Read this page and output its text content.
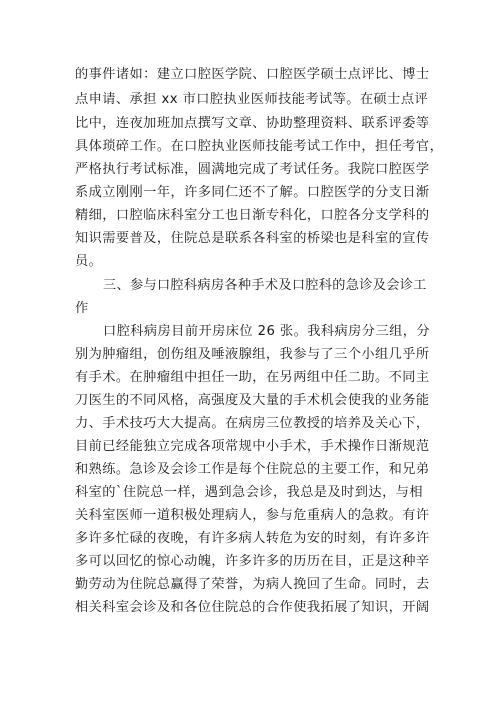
的事件诸如：建立口腔医学院、口腔医学硕士点评比、博士
点申请、承担 xx 市口腔执业医师技能考试等。在硕士点评
比中，连夜加班加点撰写文章、协助整理资料、联系评委等
具体琐碎工作。在口腔执业医师技能考试工作中，担任考官，
严格执行考试标准，圆满地完成了考试任务。我院口腔医学
系成立刚刚一年，许多同仁还不了解。口腔医学的分支日渐
精细，口腔临床科室分工也日渐专科化，口腔各分支学科的
知识需要普及，住院总是联系各科室的桥梁也是科室的宣传
员。
三、参与口腔科病房各种手术及口腔科的急诊及会诊工
作
口腔科病房目前开房床位 26 张。我科病房分三组，分
别为肿瘤组，创伤组及唾液腺组，我参与了三个小组几乎所
有手术。在肿瘤组中担任一助，在另两组中任二助。不同主
刀医生的不同风格，高强度及大量的手术机会使我的业务能
力、手术技巧大大提高。在病房三位教授的培养及关心下，
目前已经能独立完成各项常规中小手术，手术操作日渐规范
和熟练。急诊及会诊工作是每个住院总的主要工作，和兄弟
科室的`住院总一样，遇到急会诊，我总是及时到达，与相
关科室医师一道积极处理病人，参与危重病人的急救。有许
多许多忙碌的夜晚，有许多病人转危为安的时刻，有许多许
多可以回忆的惊心动魄，许多许多的历历在目，正是这种辛
勤劳动为住院总赢得了荣誉，为病人挽回了生命。同时，去
相关科室会诊及和各位住院总的合作使我拓展了知识，开阔
